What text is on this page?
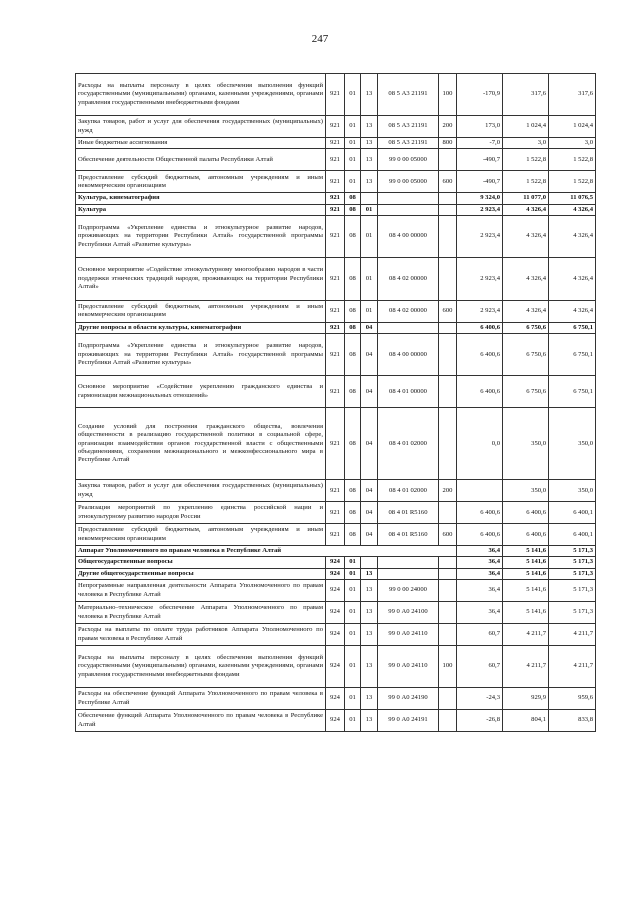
247
Расходы на выплаты персоналу в целях обеспечения выполнения функций государственными (муниципальными) органами, казенными учреждениями, органами управления государственными внебюджетными фондами	921	01	13	08 5 А3 21191	100	-170,9	317,6	317,6
Закупка товаров, работ и услуг для обеспечения государственных (муниципальных) нужд	921	01	13	08 5 А3 21191	200	173,0	1 024,4	1 024,4
Иные бюджетные ассигнования	921	01	13	08 5 А3 21191	800	-7,0	3,0	3,0
Обеспечение деятельности Общественной палаты Республики Алтай	921	01	13	99 0 00 05000		-490,7	1 522,8	1 522,8
Предоставление субсидий бюджетным, автономным учреждениям и иным некоммерческим организациям	921	01	13	99 0 00 05000	600	-490,7	1 522,8	1 522,8
Культура, кинематография	921	08				9 324,0	11 077,0	11 076,5
Культура	921	08	01			2 923,4	4 326,4	4 326,4
Подпрограмма «Укрепление единства и этнокультурное развитие народов, проживающих на территории Республики Алтай» государственной программы Республики Алтай «Развитие культуры»	921	08	01	08 4 00 00000		2 923,4	4 326,4	4 326,4
Основное мероприятие «Содействие этнокультурному многообразию народов в части поддержки этнических традиций народов, проживающих на территории Республики Алтай»	921	08	01	08 4 02 00000		2 923,4	4 326,4	4 326,4
Предоставление субсидий бюджетным, автономным учреждениям и иным некоммерческим организациям	921	08	01	08 4 02 00000	600	2 923,4	4 326,4	4 326,4
Другие вопросы в области культуры, кинематографии	921	08	04			6 400,6	6 750,6	6 750,1
Подпрограмма «Укрепление единства и этнокультурное развитие народов, проживающих на территории Республики Алтай» государственной программы Республики Алтай «Развитие культуры»	921	08	04	08 4 00 00000		6 400,6	6 750,6	6 750,1
Основное мероприятие «Содействие укреплению гражданского единства и гармонизации межнациональных отношений»	921	08	04	08 4 01 00000		6 400,6	6 750,6	6 750,1
Создание условий для построения гражданского общества, вовлечения общественности в реализацию государственной политики в социальной сфере, организации взаимодействия органов государственной власти с общественными объединениями, сохранения межнационального и межконфессионального мира в Республике Алтай	921	08	04	08 4 01 02000		0,0	350,0	350,0
Закупка товаров, работ и услуг для обеспечения государственных (муниципальных) нужд	921	08	04	08 4 01 02000	200		350,0	350,0
Реализация мероприятий по укреплению единства российской нации и этнокультурному развитию народов России	921	08	04	08 4 01 R5160		6 400,6	6 400,6	6 400,1
Предоставление субсидий бюджетным, автономным учреждениям и иным некоммерческим организациям	921	08	04	08 4 01 R5160	600	6 400,6	6 400,6	6 400,1
Аппарат Уполномоченного по правам человека в Республике Алтай						36,4	5 141,6	5 171,3
Общегосударственные вопросы	924	01				36,4	5 141,6	5 171,3
Другие общегосударственные вопросы	924	01	13			36,4	5 141,6	5 171,3
Непрограммные направленная деятельности Аппарата Уполномоченного по правам человека в Республике Алтай	924	01	13	99 0 00 24000		36,4	5 141,6	5 171,3
Материально–техническое обеспечение Аппарата Уполномоченного по правам человека в Республике Алтай	924	01	13	99 0 А0 24100		36,4	5 141,6	5 171,3
Расходы на выплаты по оплате труда работников Аппарата Уполномоченного по правам человека в Республике Алтай	924	01	13	99 0 А0 24110		60,7	4 211,7	4 211,7
Расходы на выплаты персоналу в целях обеспечения выполнения функций государственными (муниципальными) органами, казенными учреждениями, органами управления государственными внебюджетными фондами	924	01	13	99 0 А0 24110	100	60,7	4 211,7	4 211,7
Расходы на обеспечение функций Аппарата Уполномоченного по правам человека в Республике Алтай	924	01	13	99 0 А0 24190		-24,3	929,9	959,6
Обеспечение функций Аппарата Уполномоченного по правам человека в Республике Алтай	924	01	13	99 0 А0 24191		-26,8	804,1	833,8
